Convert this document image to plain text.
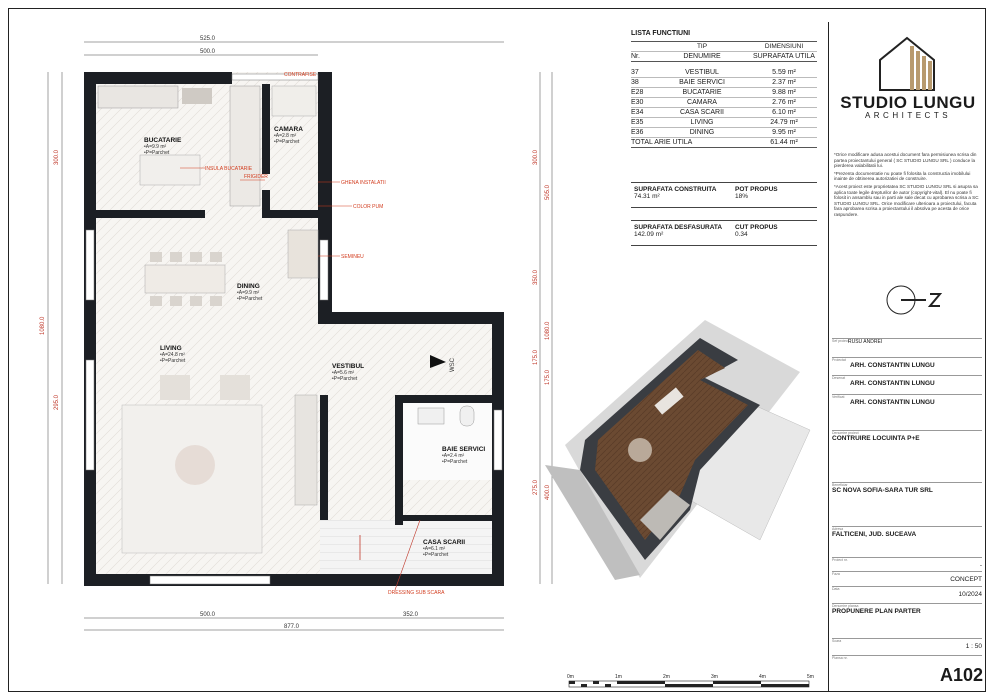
525.0
500.0
500.0	352.0
877.0
300.0
1080.0
295.0
300.0
505.0
350.0
1080.0
175.0
175.0
275.0 400.0
WSC
BUCATARIE
•A=9.9 m²
•P=Parchet
CAMARA
•A=2.8 m²
•P=Parchet
DINING
•A=9.9 m²
•P=Parchet
LIVING
•A=24.8 m²
•P=Parchet
VESTIBUL
•A=5.6 m²
•P=Parchet
BAIE SERVICI
•A=2.4 m²
•P=Parchet
CASA SCARII
•A=6.1 m²
•P=Parchet
CONTRAFISE
INSULA BUCATARIE
FRIGIDER
GHENA INSTALATII
COLOR PUM
SEMINEU
DRESSING SUB SCARA
LISTA FUNCTIUNI
TIP	DIMENSIUNI
Nr.	DENUMIRE	SUPRAFATA UTILA
37	VESTIBUL	5.59 m²
38	BAIE SERVICI	2.37 m²
E28	BUCATARIE	9.88 m²
E30	CAMARA	2.76 m²
E34	CASA SCARII	6.10 m²
E35	LIVING	24.79 m²
E36	DINING	9.95 m²
TOTAL ARIE UTILA	61.44 m²
SUPRAFATA CONSTRUITA
74.31 m²
POT PROPUS
18%
SUPRAFATA DESFASURATA
142.09 m²
CUT PROPUS
0.34
STUDIO LUNGU
ARCHITECTS

*Orice modificare adusa acestui document fara permisiunea scrisa din partea proiectantului general ( SC STUDIO LUNGU SRL ) conduce la pierderea valabilitatii lui.

*Prezenta documentatie nu poate fi folosita la constructia imobilului inainte de obtinerea autorizatiei de construire.

*Acest proiect este proprietatea SC STUDIO LUNGU SRL si asupra sa aplica toate legile drepturilor de autor (copyright-vital). El nu poate fi folosit in ansamblu sau in parti ale sale decat cu aprobarea scrisa a SC STUDIO LUNGU SRL. Orice modificare ulterioara a proiectului, facuta fara aprobarea scrisa a proiectantului il absolva pe acesta de orice raspundere.

Sef proiect RUSU ANDREI
Proiectat
ARH. CONSTANTIN LUNGU
Desenat
ARH. CONSTANTIN LUNGU
Verificat
ARH. CONSTANTIN LUNGU
Denumire proiect
CONTRUIRE LOCUINTA P+E
Beneficiar
SC NOVA SOFIA-SARA TUR SRL
Adresa
FALTICENI, JUD. SUCEAVA
Proiect nr.
-
Faza
CONCEPT
Data
10/2024
Denumire plansa
PROPUNERE PLAN PARTER
Scara
1 : 50
Plansa nr.
A102
0m	1m	2m	3m	4m	5m
